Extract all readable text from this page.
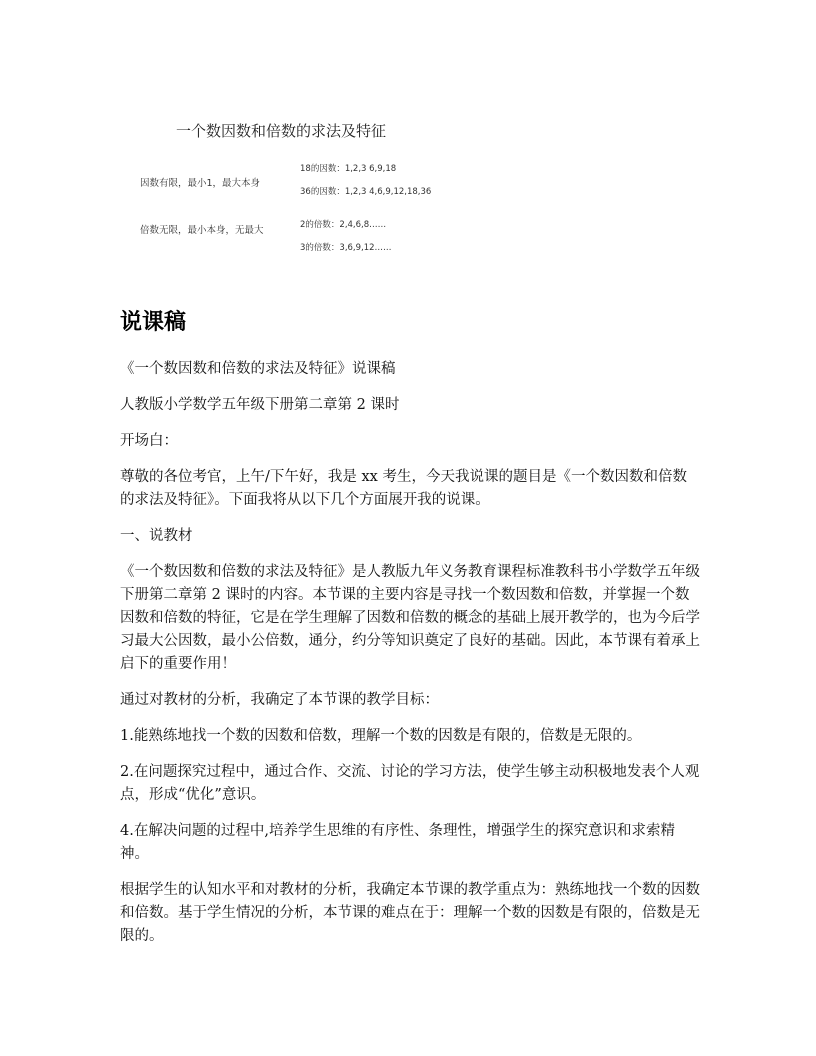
一个数因数和倍数的求法及特征
因数有限，最小1，最大本身
倍数无限，最小本身，无最大
18的因数：1,2,3 6,9,18
36的因数：1,2,3 4,6,9,12,18,36
2的倍数：2,4,6,8……
3的倍数：3,6,9,12……
说课稿

《一个数因数和倍数的求法及特征》说课稿

人教版小学数学五年级下册第二章第 2 课时

开场白：

尊敬的各位考官，上午/下午好，我是 xx 考生，今天我说课的题目是《一个数因数和倍数的求法及特征》。下面我将从以下几个方面展开我的说课。

一、说教材

《一个数因数和倍数的求法及特征》是人教版九年义务教育课程标准教科书小学数学五年级下册第二章第 2 课时的内容。本节课的主要内容是寻找一个数因数和倍数，并掌握一个数因数和倍数的特征，它是在学生理解了因数和倍数的概念的基础上展开教学的，也为今后学习最大公因数，最小公倍数，通分，约分等知识奠定了良好的基础。因此，本节课有着承上启下的重要作用！

通过对教材的分析，我确定了本节课的教学目标：

1.能熟练地找一个数的因数和倍数，理解一个数的因数是有限的，倍数是无限的。

2.在问题探究过程中，通过合作、交流、讨论的学习方法，使学生够主动积极地发表个人观点，形成“优化”意识。

4.在解决问题的过程中,培养学生思维的有序性、条理性，增强学生的探究意识和求索精神。

根据学生的认知水平和对教材的分析，我确定本节课的教学重点为：熟练地找一个数的因数和倍数。基于学生情况的分析，本节课的难点在于：理解一个数的因数是有限的，倍数是无限的。
